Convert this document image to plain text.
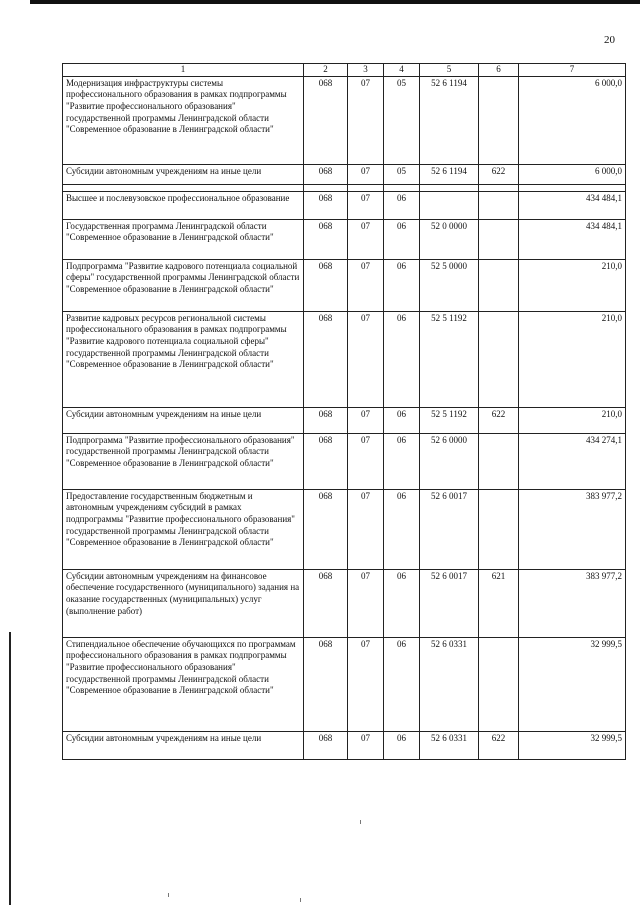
20
1	2	3	4	5	6	7
Модернизация инфраструктуры системы профессионального образования в рамках подпрограммы "Развитие профессионального образования" государственной программы Ленинградской области "Современное образование в Ленинградской области"	068	07	05	52 6 1194		6 000,0
Субсидии автономным учреждениям на иные цели	068	07	05	52 6 1194	622	6 000,0

Высшее и послевузовское профессиональное образование	068	07	06			434 484,1
Государственная программа Ленинградской области "Современное образование в Ленинградской области"	068	07	06	52 0 0000		434 484,1
Подпрограмма "Развитие кадрового потенциала социальной сферы" государственной программы Ленинградской области "Современное образование в Ленинградской области"	068	07	06	52 5 0000		210,0
Развитие кадровых ресурсов региональной системы профессионального образования в рамках подпрограммы "Развитие кадрового потенциала социальной сферы" государственной программы Ленинградской области "Современное образование в Ленинградской области"	068	07	06	52 5 1192		210,0
Субсидии автономным учреждениям на иные цели	068	07	06	52 5 1192	622	210,0
Подпрограмма "Развитие профессионального образования" государственной программы Ленинградской области "Современное образование в Ленинградской области"	068	07	06	52 6 0000		434 274,1
Предоставление государственным бюджетным и автономным учреждениям субсидий в рамках подпрограммы "Развитие профессионального образования" государственной программы Ленинградской области "Современное образование в Ленинградской области"	068	07	06	52 6 0017		383 977,2
Субсидии автономным учреждениям на финансовое обеспечение государственного (муниципального) задания на оказание государственных (муниципальных) услуг (выполнение работ)	068	07	06	52 6 0017	621	383 977,2
Стипендиальное обеспечение обучающихся по программам профессионального образования в рамках подпрограммы "Развитие профессионального образования" государственной программы Ленинградской области "Современное образование в Ленинградской области"	068	07	06	52 6 0331		32 999,5
Субсидии автономным учреждениям на иные цели	068	07	06	52 6 0331	622	32 999,5
